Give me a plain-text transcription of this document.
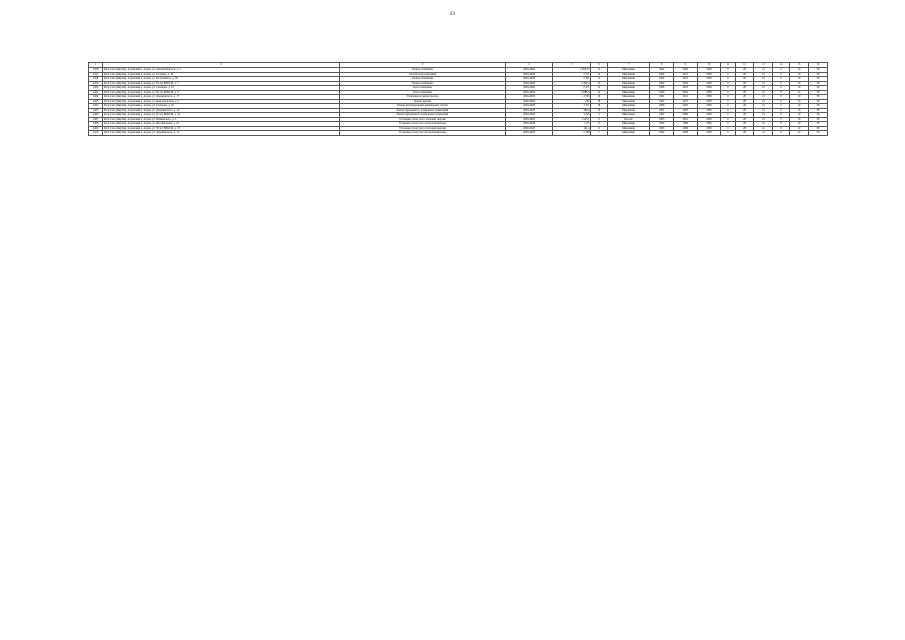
23
1	2	3	4	5	6	7	8	9	10	11	12	13	14	15	16
2456	Респ.Саха (Якутия), Алданский р, Алдан, ул. Автомобилистов, д. 3	Электроснабжение	2026-2028	2 264,25	15	Мирошник	1962	2006	1985	0	28	21	0	10	58
2457	Респ.Саха (Якутия), Алданский р, Алдан, ул. Гагарина, д. 32	Система водоотведения	2026-2028	2 751	14	Мирошник	1966	2011	1985	0	28	21	0	10	58
2458	Респ.Саха (Якутия), Алданский р, Алдан, ул. Космонавтов, д. 38	Электроснабжение	2026-2028	2 331	11	Мирошник	1962	2021	1985	0	28	21	0	10	58
2459	Респ.Саха (Якутия), Алданский р, Алдан, ул. 50 лет ВЛКСМ, д. 7	Электроснабжение	2026-2028	2 330,4	13	Мирошник	1962	2019	1985	0	28	21	0	10	58
2460	Респ.Саха (Якутия), Алданский р, Алдан, ул. Слепцова, д. 19	Теплоснабжение	2026-2028	2 471	12	Мирошник	1968	2013	1985	0	28	21	0	10	58
2461	Респ.Саха (Якутия), Алданский р, Алдан, ул. 50 лет ВЛКСМ, д. 9	Теплоснабжение	2026-2028	2 688,5	12	Мирошник	1960	2016	1985	0	28	21	0	10	58
2462	Респ.Саха (Якутия), Алданский р, Алдан, ул. Дзержинского, д. 17	Утепление и ремонт фасада	2026-2028	2 350	16	Мирошник	1961	2012	1985	0	28	21	0	10	58
2463	Респ.Саха (Якутия), Алданский р, Алдан, ул. Комсомольская, д. 5	Ремонт крыши	2026-2028	262	18	Мирошник	1962	2013	1985	0	28	21	0	10	58
2464	Респ.Саха (Якутия), Алданский р, Алдан, ул. Слепцова, д. 20	Ремонт внутридомовых инженерных систем	2026-2028	2 311	18	Мирошник	1966	2016	1985	0	28	21	0	10	58
2465	Респ.Саха (Якутия), Алданский р, Алдан, ул. Дзержинского, д. 14	Ремонт фундамента, подвальных помещений	2026-2028	396,4	12	Мирошник	1961	2005	1985	0	28	21	0	10	58
2466	Респ.Саха (Якутия), Алданский р, Алдан, ул. 50 лет ВЛКСМ, д. 16	Ремонт фундамента, подвальных помещений	2026-2028	3 226	4	Мирошник	1962	2006	1985	0	28	21	0	10	58
2467	Респ.Саха (Якутия), Алданский р, Алдан, ул. Маяковского, д. 3	Установка узлов учета тепловой энергии	2026-2028	1 523,1	8	Блочно	1963	2012	1985	0	28	21	0	10	58
2468	Респ.Саха (Якутия), Алданский р, Алдан, ул. Фестивальная, д. 23	Установка узлов учета потребления воды	2026-2028	1 117	8	Мирошник	1964	1996	1985	0	28	21	0	10	58
2469	Респ.Саха (Якутия), Алданский р, Алдан, ул. 50 лет ВЛКСМ, д. 18	Установка узлов учета тепловой энергии	2026-2028	161,4	9	Мирошник	1966	2006	1985	0	28	21	0	10	58
2470	Респ.Саха (Якутия), Алданский р, Алдан, ул. Дзержинского, д. 15	Установка узлов учета потребления воды	2026-2028	2 188	7	Мирошник	1962	2008	1985	0	28	21	0	10	58
